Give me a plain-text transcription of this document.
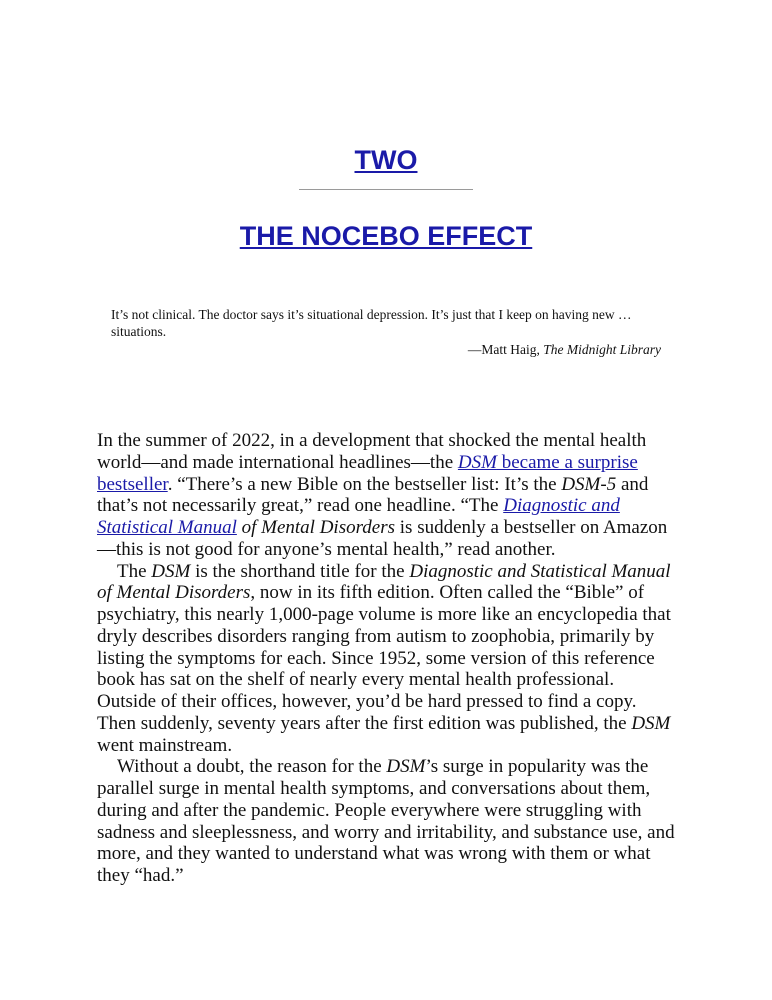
TWO
THE NOCEBO EFFECT

It’s not clinical. The doctor says it’s situational depression. It’s just that I keep on having new … situations.

—Matt Haig, The Midnight Library

In the summer of 2022, in a development that shocked the mental health world—and made international headlines—the DSM became a surprise bestseller. “There’s a new Bible on the bestseller list: It’s the DSM-5 and that’s not necessarily great,” read one headline. “The Diagnostic and Statistical Manual of Mental Disorders is suddenly a bestseller on Amazon —this is not good for anyone’s mental health,” read another.

The DSM is the shorthand title for the Diagnostic and Statistical Manual of Mental Disorders, now in its fifth edition. Often called the “Bible” of psychiatry, this nearly 1,000-page volume is more like an encyclopedia that dryly describes disorders ranging from autism to zoophobia, primarily by listing the symptoms for each. Since 1952, some version of this reference book has sat on the shelf of nearly every mental health professional. Outside of their offices, however, you’d be hard pressed to find a copy. Then suddenly, seventy years after the first edition was published, the DSM went mainstream.

Without a doubt, the reason for the DSM’s surge in popularity was the parallel surge in mental health symptoms, and conversations about them, during and after the pandemic. People everywhere were struggling with sadness and sleeplessness, and worry and irritability, and substance use, and more, and they wanted to understand what was wrong with them or what they “had.”
